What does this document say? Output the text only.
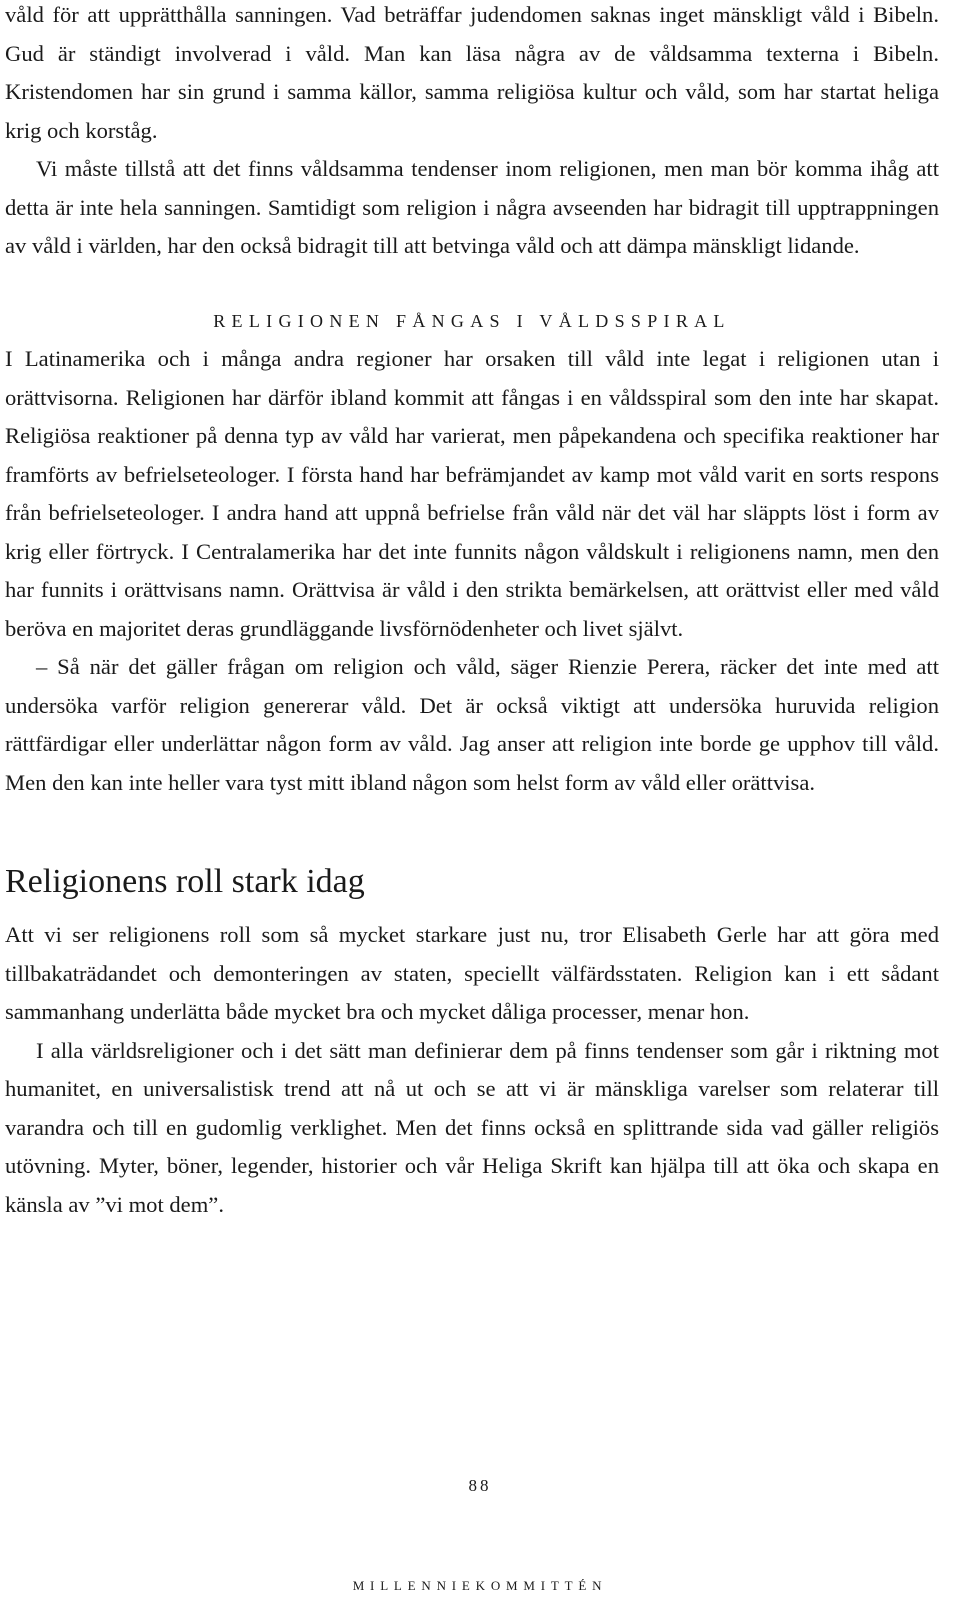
våld för att upprätthålla sanningen. Vad beträffar judendomen saknas inget mänskligt våld i Bibeln. Gud är ständigt involverad i våld. Man kan läsa några av de våldsamma texterna i Bibeln. Kristendomen har sin grund i samma källor, samma religiösa kultur och våld, som har startat heliga krig och korståg.

Vi måste tillstå att det finns våldsamma tendenser inom religionen, men man bör komma ihåg att detta är inte hela sanningen. Samtidigt som religion i några avseenden har bidragit till upptrappningen av våld i världen, har den också bidragit till att betvinga våld och att dämpa mänskligt lidande.

RELIGIONEN FÅNGAS I VÅLDSSPIRAL

I Latinamerika och i många andra regioner har orsaken till våld inte legat i religionen utan i orättvisorna. Religionen har därför ibland kommit att fångas i en våldsspiral som den inte har skapat. Religiösa reaktioner på denna typ av våld har varierat, men påpekandena och specifika reaktioner har framförts av befrielseteologer. I första hand har befrämjandet av kamp mot våld varit en sorts respons från befrielseteologer. I andra hand att uppnå befrielse från våld när det väl har släppts löst i form av krig eller förtryck. I Centralamerika har det inte funnits någon våldskult i religionens namn, men den har funnits i orättvisans namn. Orättvisa är våld i den strikta bemärkelsen, att orättvist eller med våld beröva en majoritet deras grundläggande livsförnödenheter och livet självt.

– Så när det gäller frågan om religion och våld, säger Rienzie Perera, räcker det inte med att undersöka varför religion genererar våld. Det är också viktigt att undersöka huruvida religion rättfärdigar eller underlättar någon form av våld. Jag anser att religion inte borde ge upphov till våld. Men den kan inte heller vara tyst mitt ibland någon som helst form av våld eller orättvisa.

Religionens roll stark idag

Att vi ser religionens roll som så mycket starkare just nu, tror Elisabeth Gerle har att göra med tillbakaträdandet och demonteringen av staten, speciellt välfärdsstaten. Religion kan i ett sådant sammanhang underlätta både mycket bra och mycket dåliga processer, menar hon.

I alla världsreligioner och i det sätt man definierar dem på finns tendenser som går i riktning mot humanitet, en universalistisk trend att nå ut och se att vi är mänskliga varelser som relaterar till varandra och till en gudomlig verklighet. Men det finns också en splittrande sida vad gäller religiös utövning. Myter, böner, legender, historier och vår Heliga Skrift kan hjälpa till att öka och skapa en känsla av ”vi mot dem”.

88
MILLENNIEKOMMITTÉN
